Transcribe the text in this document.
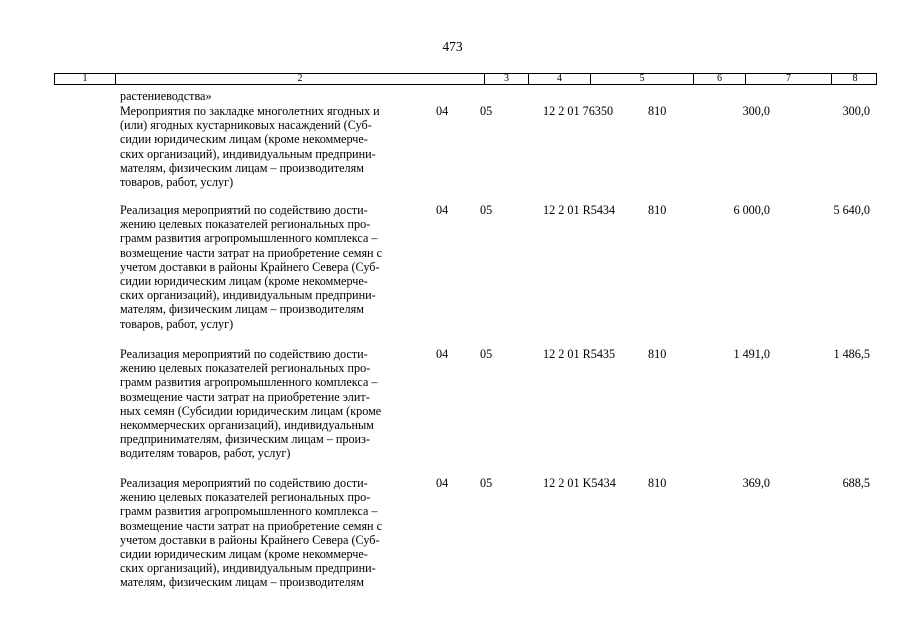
473
1	2	3	4	5	6	7	8
растениеводства»
Мероприятия по закладке многолетних ягодных и
(или) ягодных кустарниковых насаждений (Суб-
сидии юридическим лицам (кроме некоммерче-
ских организаций), индивидуальным предприни-
мателям, физическим лицам – производителям
товаров, работ, услуг)
04	05	12 2 01 76350	810	300,0	300,0
Реализация мероприятий по содействию дости-
жению целевых показателей региональных про-
грамм развития агропромышленного комплекса –
возмещение части затрат на приобретение семян с
учетом доставки в районы Крайнего Севера (Суб-
сидии юридическим лицам (кроме некоммерче-
ских организаций), индивидуальным предприни-
мателям, физическим лицам – производителям
товаров, работ, услуг)
04	05	12 2 01 R5434	810	6 000,0	5 640,0
Реализация мероприятий по содействию дости-
жению целевых показателей региональных про-
грамм развития агропромышленного комплекса –
возмещение части затрат на приобретение элит-
ных семян (Субсидии юридическим лицам (кроме
некоммерческих организаций), индивидуальным
предпринимателям, физическим лицам – произ-
водителям товаров, работ, услуг)
04	05	12 2 01 R5435	810	1 491,0	1 486,5
Реализация мероприятий по содействию дости-
жению целевых показателей региональных про-
грамм развития агропромышленного комплекса –
возмещение части затрат на приобретение семян с
учетом доставки в районы Крайнего Севера (Суб-
сидии юридическим лицам (кроме некоммерче-
ских организаций), индивидуальным предприни-
мателям, физическим лицам – производителям
04	05	12 2 01 K5434	810	369,0	688,5
